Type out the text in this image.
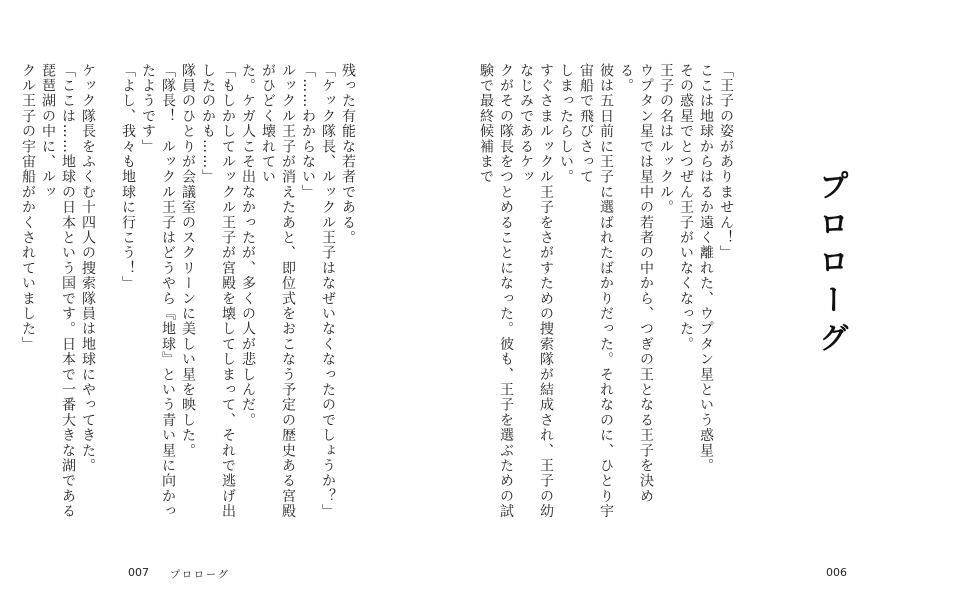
プロローグ
「王子の姿がありません！」
ここは地球からはるか遠く離れた、ウプタン星という惑星。
その惑星でとつぜん王子がいなくなった。
王子の名はルックル。
ウプタン星では星中の若者の中から、つぎの王となる王子を決める。
彼は五日前に王子に選ばれたばかりだった。それなのに、ひとり宇宙船で飛びさって
しまったらしい。
すぐさまルックル王子をさがすための捜索隊が結成され、王子の幼なじみであるケッ
クがその隊長をつとめることになった。彼も、王子を選ぶための試験で最終候補まで
残った有能な若者である。
「ケック隊長、ルックル王子はなぜいなくなったのでしょうか？」
「……わからない」
ルックル王子が消えたあと、即位式をおこなう予定の歴史ある宮殿がひどく壊れてい
た。ケガ人こそ出なかったが、多くの人が悲しんだ。
「もしかしてルックル王子が宮殿を壊してしまって、それで逃げ出したのかも……」
隊員のひとりが会議室のスクリーンに美しい星を映した。
「隊長！　ルックル王子はどうやら『地球』という青い星に向かったようです」
「よし、我々も地球に行こう！」

ケック隊長をふくむ十四人の捜索隊員は地球にやってきた。
「ここは……地球の日本という国です。日本で一番大きな湖である琵琶湖の中に、ルッ
クル王子の宇宙船がかくされていました」
007 プロローグ	006
